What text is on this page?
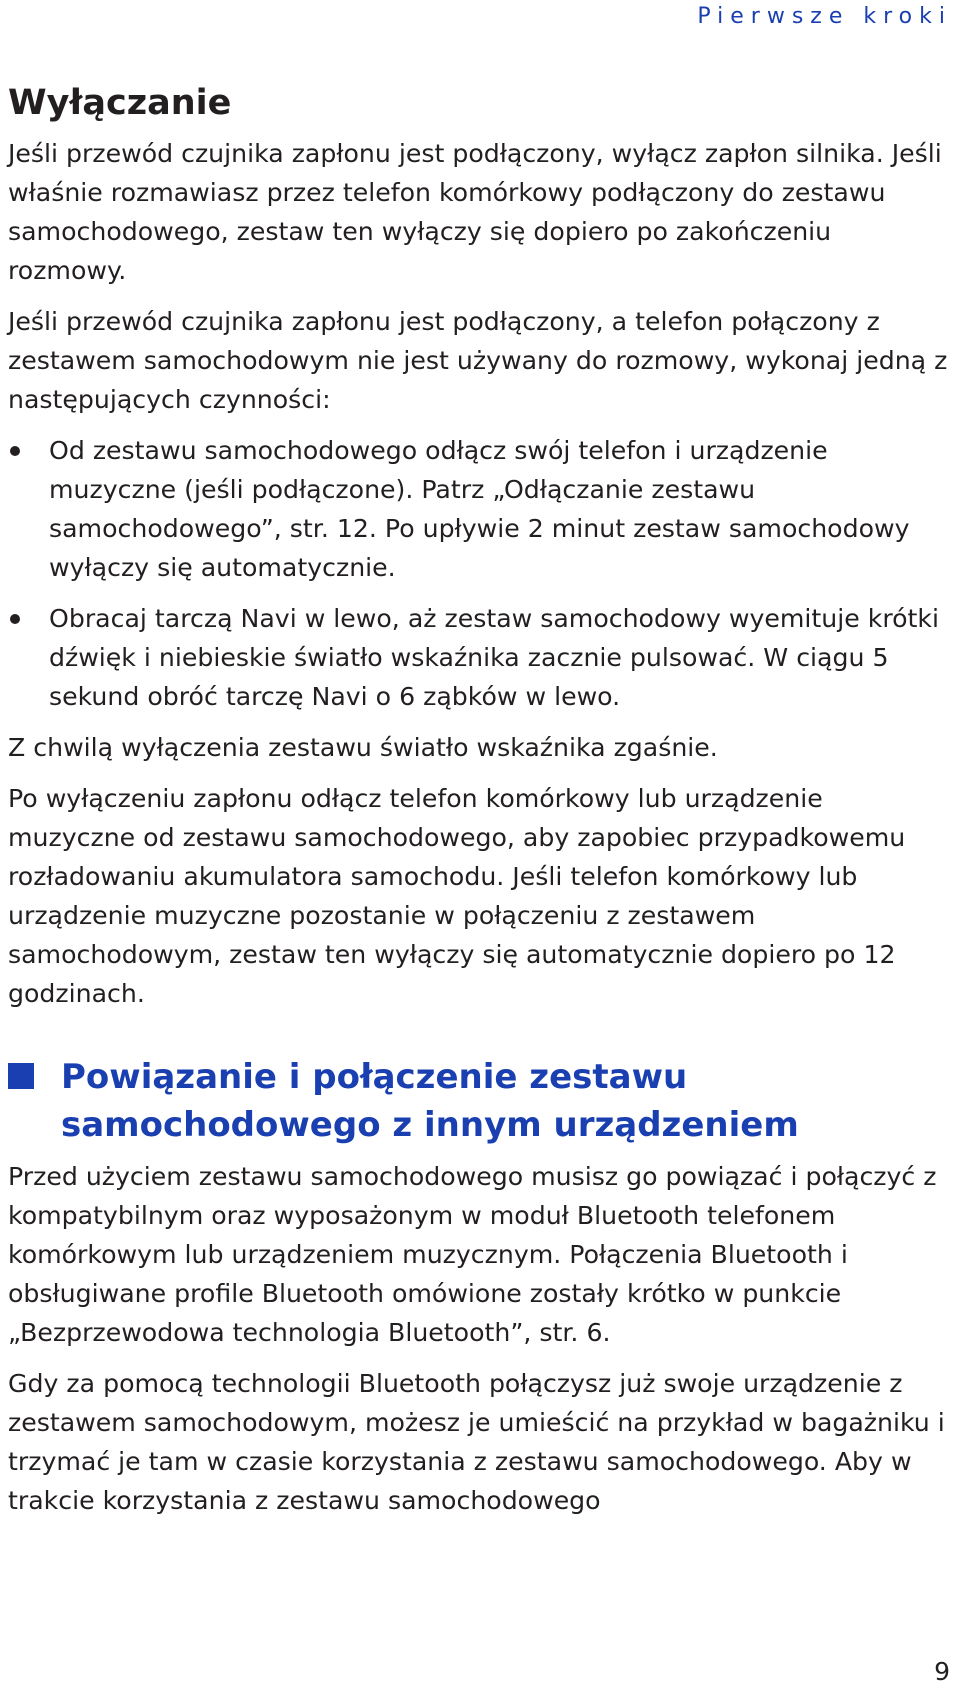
Pierwsze kroki
Wyłączanie

Jeśli przewód czujnika zapłonu jest podłączony, wyłącz zapłon silnika. Jeśli właśnie rozmawiasz przez telefon komórkowy podłączony do zestawu samochodowego, zestaw ten wyłączy się dopiero po zakończeniu rozmowy.

Jeśli przewód czujnika zapłonu jest podłączony, a telefon połączony z zestawem samochodowym nie jest używany do rozmowy, wykonaj jedną z następujących czynności:

Od zestawu samochodowego odłącz swój telefon i urządzenie muzyczne (jeśli podłączone). Patrz „Odłączanie zestawu samochodowego”, str. 12. Po upływie 2 minut zestaw samochodowy wyłączy się automatycznie.
Obracaj tarczą Navi w lewo, aż zestaw samochodowy wyemituje krótki dźwięk i niebieskie światło wskaźnika zacznie pulsować. W ciągu 5 sekund obróć tarczę Navi o 6 ząbków w lewo.

Z chwilą wyłączenia zestawu światło wskaźnika zgaśnie.

Po wyłączeniu zapłonu odłącz telefon komórkowy lub urządzenie muzyczne od zestawu samochodowego, aby zapobiec przypadkowemu rozładowaniu akumulatora samochodu. Jeśli telefon komórkowy lub urządzenie muzyczne pozostanie w połączeniu z zestawem samochodowym, zestaw ten wyłączy się automatycznie dopiero po 12 godzinach.

Powiązanie i połączenie zestawu samochodowego z innym urządzeniem

Przed użyciem zestawu samochodowego musisz go powiązać i połączyć z kompatybilnym oraz wyposażonym w moduł Bluetooth telefonem komórkowym lub urządzeniem muzycznym. Połączenia Bluetooth i obsługiwane profile Bluetooth omówione zostały krótko w punkcie „Bezprzewodowa technologia Bluetooth”, str. 6.

Gdy za pomocą technologii Bluetooth połączysz już swoje urządzenie z zestawem samochodowym, możesz je umieścić na przykład w bagażniku i trzymać je tam w czasie korzystania z zestawu samochodowego. Aby w trakcie korzystania z zestawu samochodowego

9
